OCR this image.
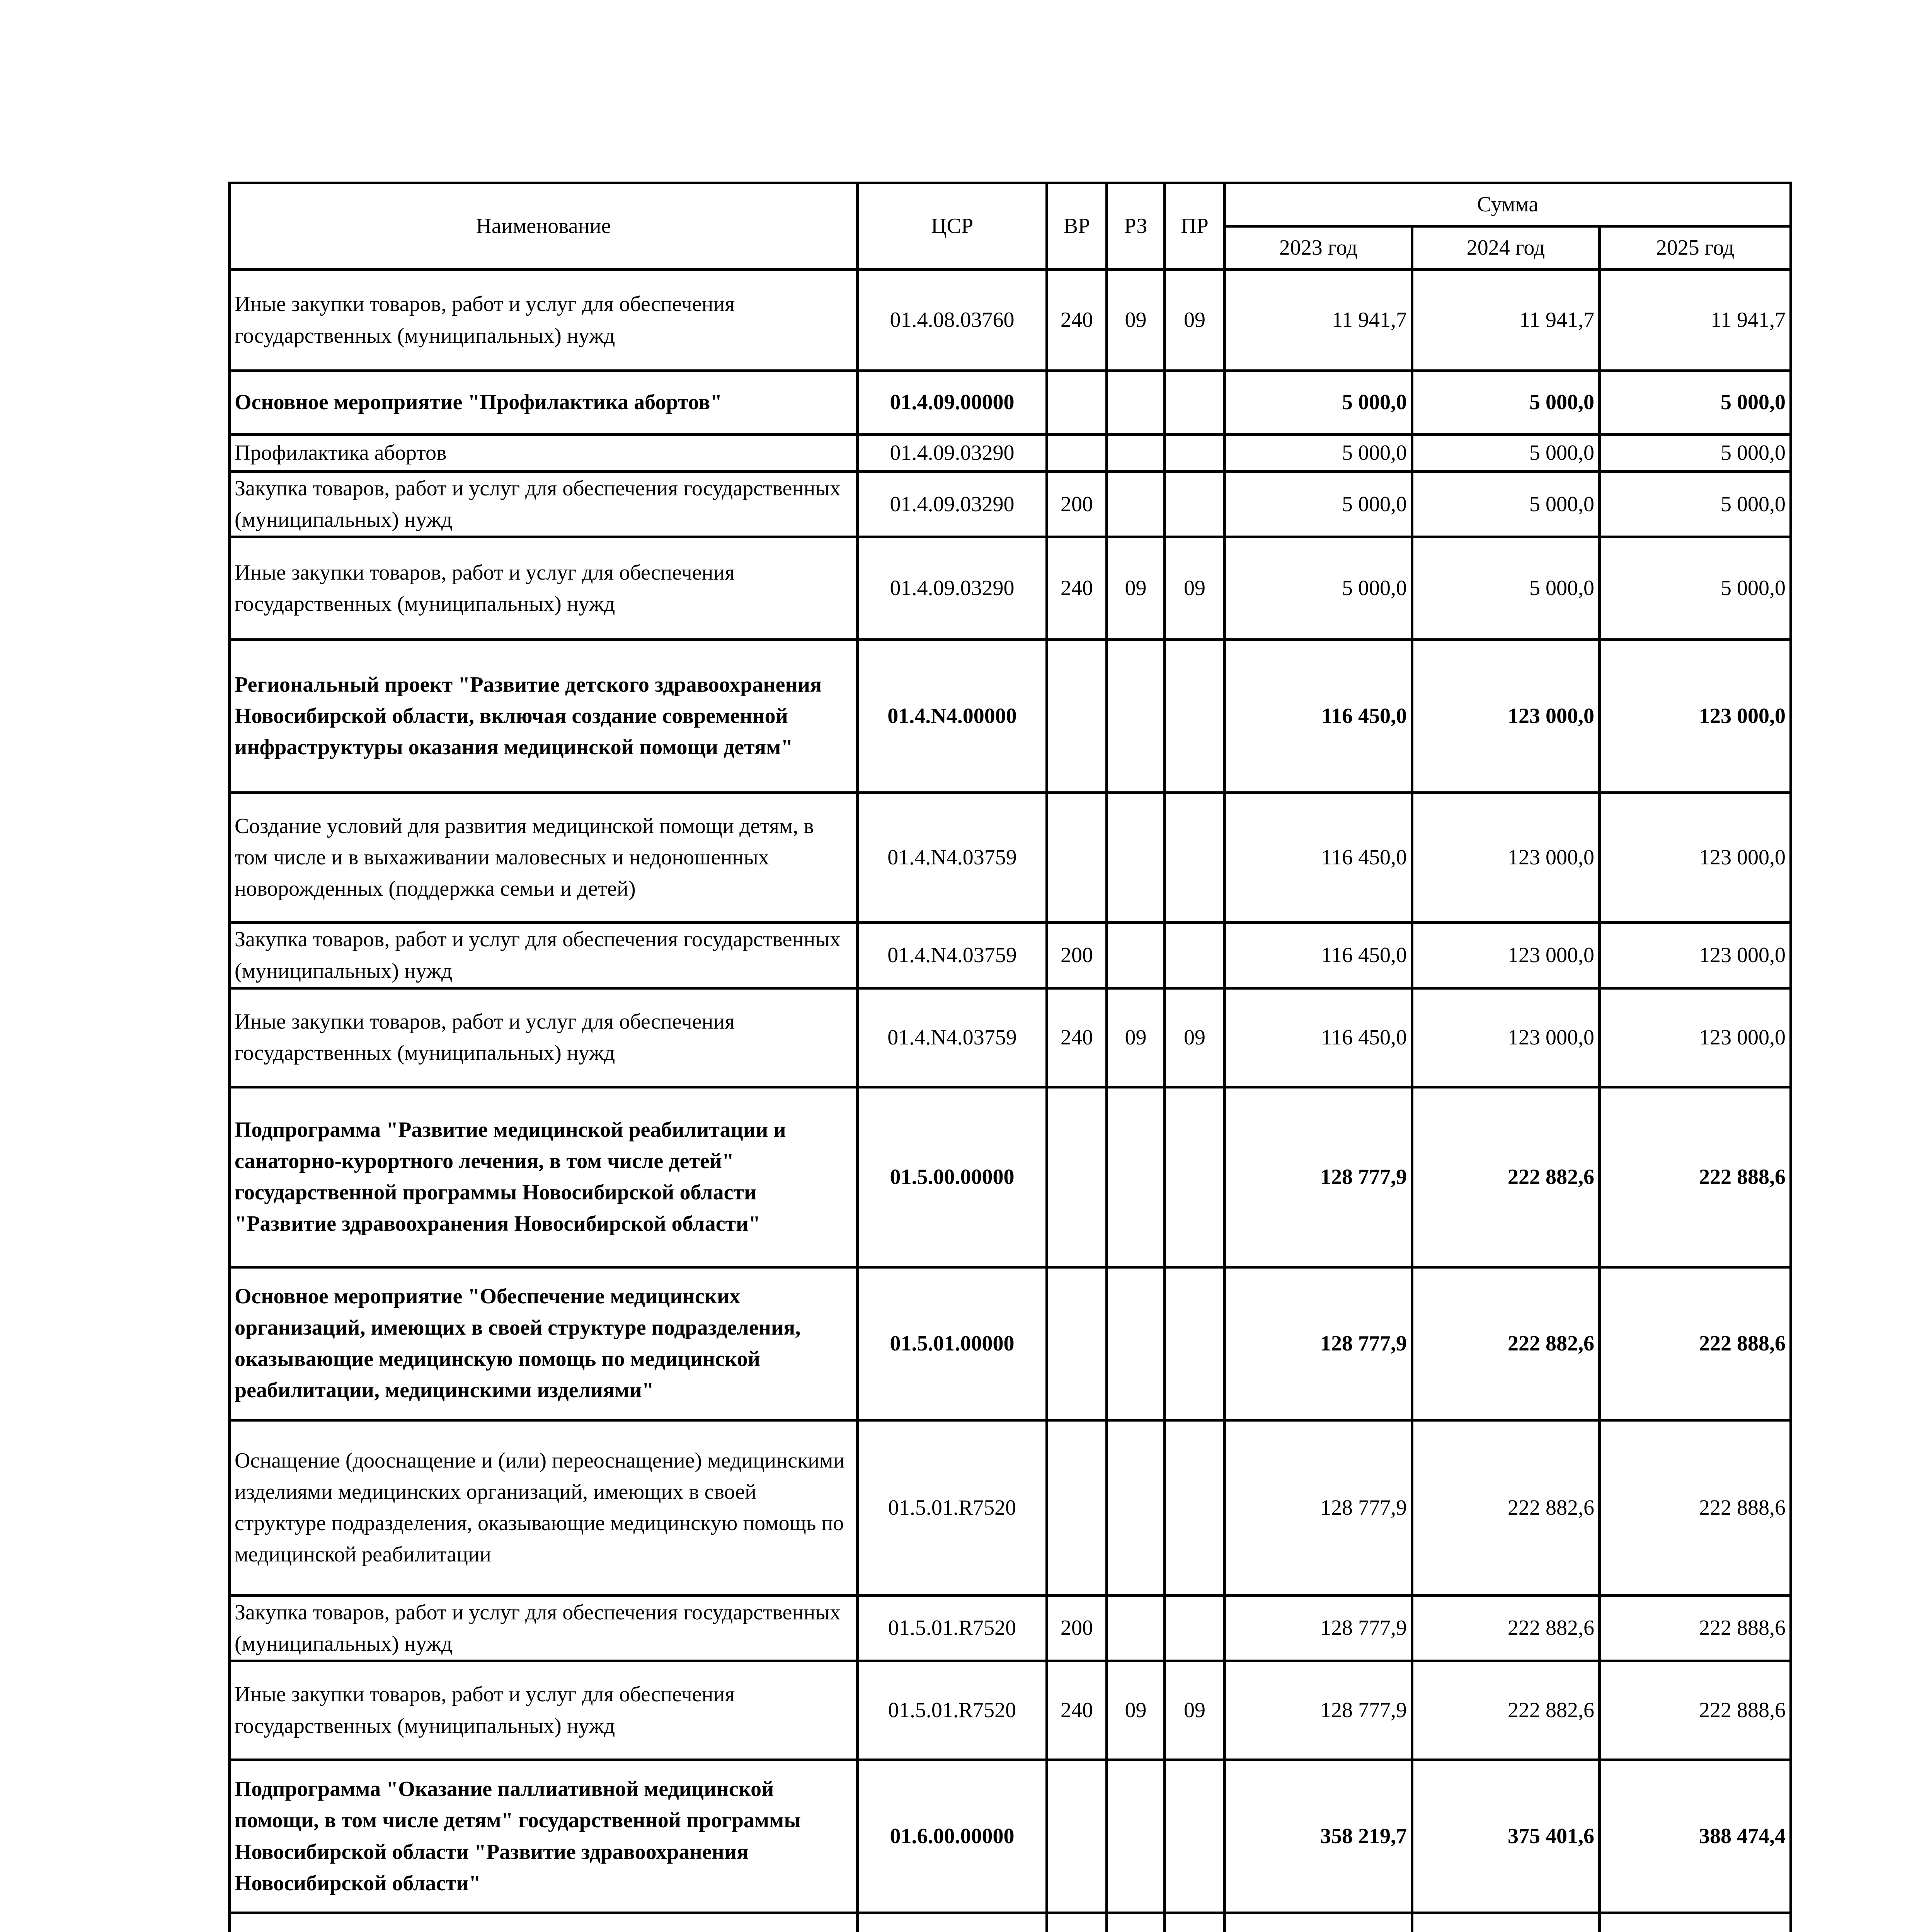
Наименование	ЦСР	ВР	РЗ	ПР	Сумма		
					2023 год	2024 год	2025 год
Иные закупки товаров, работ и услуг для обеспечения государственных (муниципальных) нужд	01.4.08.03760	240	09	09	11 941,7	11 941,7	11 941,7
Основное мероприятие "Профилактика абортов"	01.4.09.00000				5 000,0	5 000,0	5 000,0
Профилактика абортов	01.4.09.03290				5 000,0	5 000,0	5 000,0
Закупка товаров, работ и услуг для обеспечения государственных (муниципальных) нужд	01.4.09.03290	200			5 000,0	5 000,0	5 000,0
Иные закупки товаров, работ и услуг для обеспечения государственных (муниципальных) нужд	01.4.09.03290	240	09	09	5 000,0	5 000,0	5 000,0
Региональный проект "Развитие детского здравоохранения Новосибирской области, включая создание современной инфраструктуры оказания медицинской помощи детям"	01.4.N4.00000				116 450,0	123 000,0	123 000,0
Создание условий для развития медицинской помощи детям, в том числе и в выхаживании маловесных и недоношенных новорожденных (поддержка семьи и детей)	01.4.N4.03759				116 450,0	123 000,0	123 000,0
Закупка товаров, работ и услуг для обеспечения государственных (муниципальных) нужд	01.4.N4.03759	200			116 450,0	123 000,0	123 000,0
Иные закупки товаров, работ и услуг для обеспечения государственных (муниципальных) нужд	01.4.N4.03759	240	09	09	116 450,0	123 000,0	123 000,0
Подпрограмма "Развитие медицинской реабилитации и санаторно-курортного лечения, в том числе детей" государственной программы Новосибирской области "Развитие здравоохранения Новосибирской области"	01.5.00.00000				128 777,9	222 882,6	222 888,6
Основное мероприятие "Обеспечение медицинских организаций, имеющих в своей структуре подразделения, оказывающие медицинскую помощь по медицинской реабилитации, медицинскими изделиями"	01.5.01.00000				128 777,9	222 882,6	222 888,6
Оснащение (дооснащение и (или) переоснащение) медицинскими изделиями медицинских организаций, имеющих в своей структуре подразделения, оказывающие медицинскую помощь по медицинской реабилитации	01.5.01.R7520				128 777,9	222 882,6	222 888,6
Закупка товаров, работ и услуг для обеспечения государственных (муниципальных) нужд	01.5.01.R7520	200			128 777,9	222 882,6	222 888,6
Иные закупки товаров, работ и услуг для обеспечения государственных (муниципальных) нужд	01.5.01.R7520	240	09	09	128 777,9	222 882,6	222 888,6
Подпрограмма "Оказание паллиативной медицинской помощи, в том числе детям" государственной программы Новосибирской области "Развитие здравоохранения Новосибирской области"	01.6.00.00000				358 219,7	375 401,6	388 474,4
